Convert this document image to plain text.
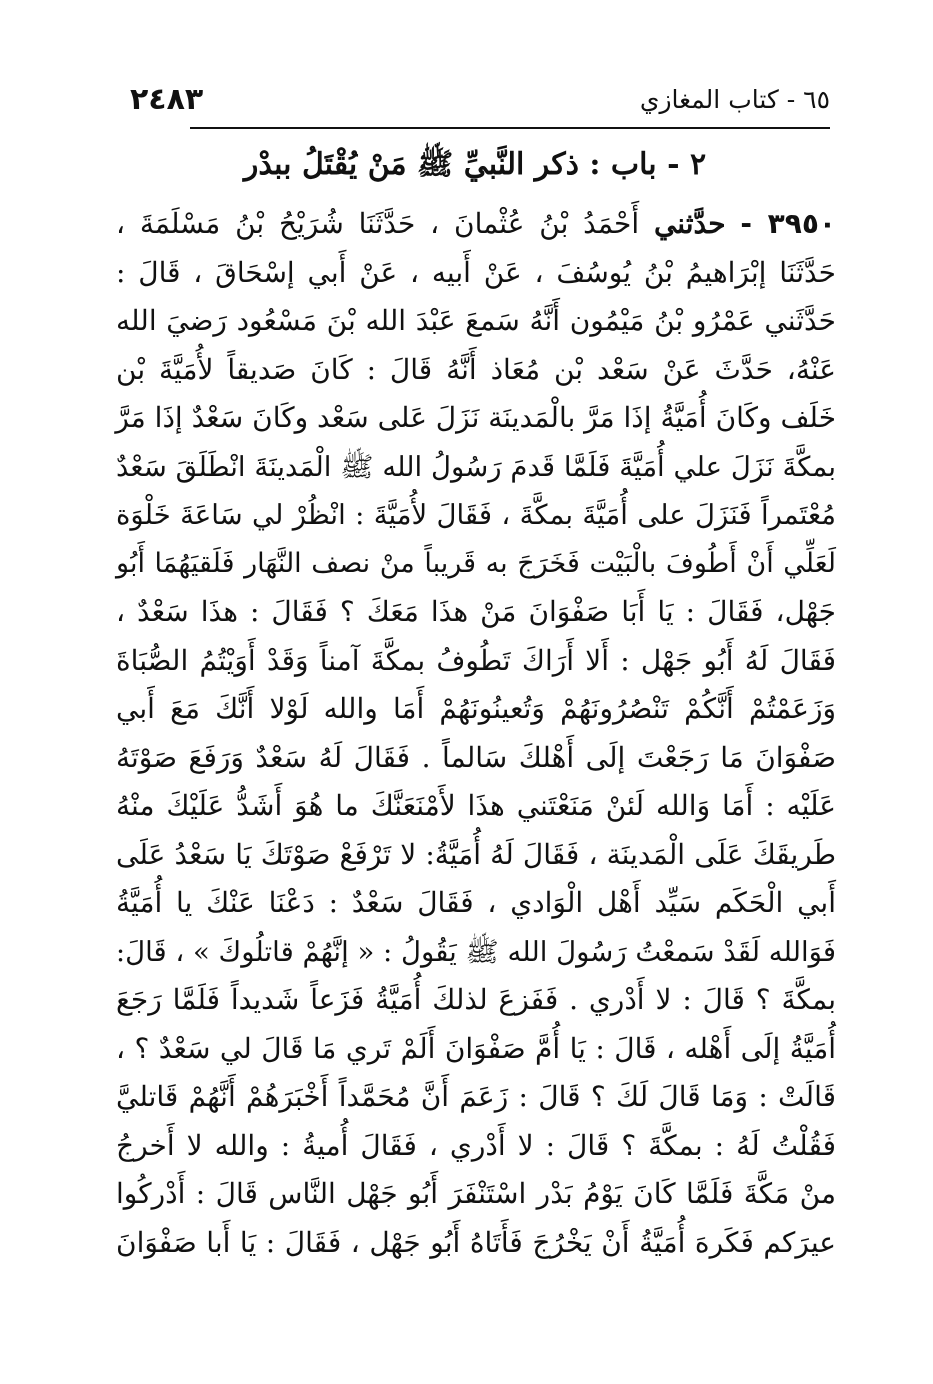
٢٤٨٣	٦٥ - كتاب المغازي
٢ - باب : ذكر النَّبيِّ ﷺ مَنْ يُقْتَلُ ببدْر
٣٩٥٠ - حدَّثني أَحْمَدُ بْنُ عُثْمانَ ، حَدَّثَنَا شُرَيْحُ بْنُ مَسْلَمَةَ ،
حَدَّثَنَا إبْرَاهيمُ بْنُ يُوسُفَ ، عَنْ أَبيه ، عَنْ أَبي إسْحَاقَ ، قَالَ :
حَدَّثَني عَمْرُو بْنُ مَيْمُون أَنَّهُ سَمعَ عَبْدَ الله بْنَ مَسْعُود رَضيَ الله
عَنْهُ، حَدَّثَ عَنْ سَعْد بْن مُعَاذ أَنَّهُ قَالَ : كَانَ صَديقاً لأُمَيَّةَ بْن
خَلَف وكَانَ أُمَيَّةُ إذَا مَرَّ بالْمَدينَة نَزَلَ عَلى سَعْد وكَانَ سَعْدٌ إذَا مَرَّ
بمكَّةَ نَزَلَ علي أُمَيَّةَ فَلَمَّا قَدمَ رَسُولُ الله ﷺ الْمَدينَةَ انْطَلَقَ سَعْدٌ
مُعْتَمراً فَنَزَلَ على أُمَيَّةَ بمكَّةَ ، فَقَالَ لأُمَيَّةَ : انْظُرْ لي سَاعَةَ خَلْوَة
لَعَلِّي أَنْ أَطُوفَ بالْبَيْت فَخَرَجَ به قَريباً منْ نصف النَّهَار فَلَقيَهُمَا أَبُو
جَهْل، فَقَالَ : يَا أَبَا صَفْوَانَ مَنْ هذَا مَعَكَ ؟ فَقَالَ : هذَا سَعْدٌ ،
فَقَالَ لَهُ أَبُو جَهْل : أَلا أَرَاكَ تَطُوفُ بمكَّةَ آمناً وَقَدْ أَوَيْتُمُ الصُّبَاةَ
وَزَعَمْتُمْ أَنَّكُمْ تَنْصُرُونَهُمْ وَتُعينُونَهُمْ أَمَا والله لَوْلا أَنَّكَ مَعَ أَبي
صَفْوَانَ مَا رَجَعْتَ إلَى أَهْلكَ سَالماً . فَقَالَ لَهُ سَعْدٌ وَرَفَعَ صَوْتَهُ
عَلَيْه : أَمَا وَالله لَئنْ مَنَعْتَني هذَا لأَمْنَعَنَّكَ ما هُوَ أَشَدُّ عَلَيْكَ منْهُ
طَريقَكَ عَلَى الْمَدينَة ، فَقَالَ لَهُ أُمَيَّةُ: لا تَرْفَعْ صَوْتَكَ يَا سَعْدُ عَلَى
أَبي الْحَكَم سَيِّد أَهْل الْوَادي ، فَقَالَ سَعْدٌ : دَعْنَا عَنْكَ يا أُمَيَّةُ
فَوَالله لَقَدْ سَمعْتُ رَسُولَ الله ﷺ يَقُولُ : « إنَّهُمْ قاتلُوكَ » ، قَالَ:
بمكَّةَ ؟ قَالَ : لا أَدْري . فَفَزعَ لذلكَ أُمَيَّةُ فَزَعاً شَديداً فَلَمَّا رَجَعَ
أُمَيَّةُ إلَى أَهْله ، قَالَ : يَا أُمَّ صَفْوَانَ أَلَمْ تَري مَا قَالَ لي سَعْدٌ ؟ ،
قَالَتْ : وَمَا قَالَ لَكَ ؟ قَالَ : زَعَمَ أَنَّ مُحَمَّداً أَخْبَرَهُمْ أَنَّهُمْ قَاتليَّ
فَقُلْتُ لَهُ : بمكَّةَ ؟ قَالَ : لا أَدْري ، فَقَالَ أُميةُ : والله لا أَخرجُ
منْ مَكَّةَ فَلَمَّا كَانَ يَوْمُ بَدْر اسْتَنْفَرَ أَبُو جَهْل النَّاس قَالَ : أَدْركُوا
عيرَكم فَكَرهَ أُمَيَّةُ أَنْ يَخْرُجَ فَأَتَاهُ أَبُو جَهْل ، فَقَالَ : يَا أَبا صَفْوَانَ
